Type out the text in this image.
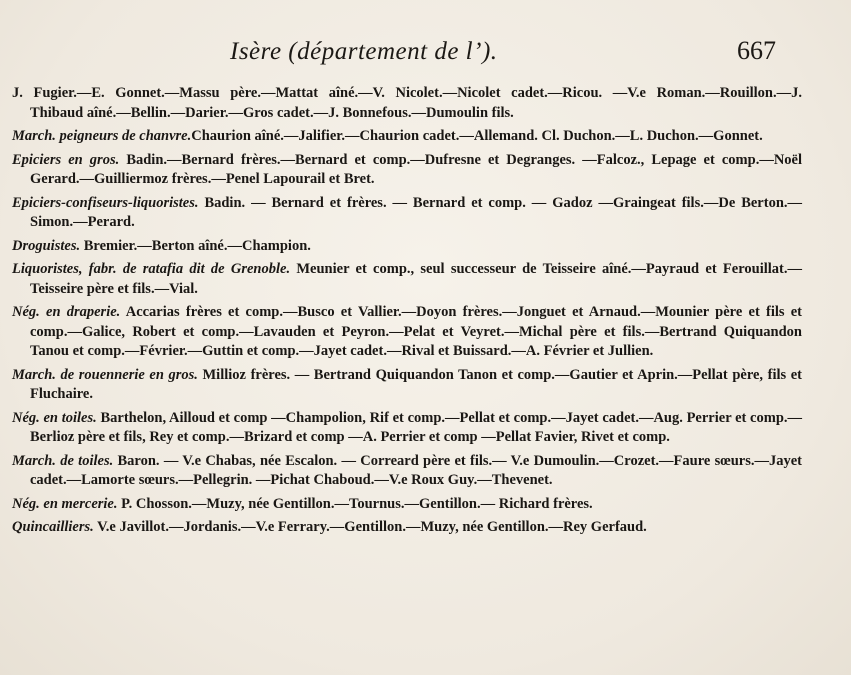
Isère (département de l’).	667

J. Fugier.—E. Gonnet.—Massu père.—Mattat aîné.—V. Nicolet.—Nicolet cadet.—Ricou. —V.e Roman.—Rouillon.—J. Thibaud aîné.—Bellin.—Darier.—Gros cadet.—J. Bonnefous.—Dumoulin fils.

March. peigneurs de chanvre.Chaurion aîné.—Jalifier.—Chaurion cadet.—Allemand. Cl. Duchon.—L. Duchon.—Gonnet.

Epiciers en gros. Badin.—Bernard frères.—Bernard et comp.—Dufresne et Degranges. —Falcoz., Lepage et comp.—Noël Gerard.—Guilliermoz frères.—Penel Lapourail et Bret.

Epiciers-confiseurs-liquoristes. Badin. — Bernard et frères. — Bernard et comp. — Gadoz —Graingeat fils.—De Berton.—Simon.—Perard.

Droguistes. Bremier.—Berton aîné.—Champion.

Liquoristes, fabr. de ratafia dit de Grenoble. Meunier et comp., seul successeur de Teisseire aîné.—Payraud et Ferouillat.—Teisseire père et fils.—Vial.

Nég. en draperie. Accarias frères et comp.—Busco et Vallier.—Doyon frères.—Jonguet et Arnaud.—Mounier père et fils et comp.—Galice, Robert et comp.—Lavauden et Peyron.—Pelat et Veyret.—Michal père et fils.—Bertrand Quiquandon Tanou et comp.—Février.—Guttin et comp.—Jayet cadet.—Rival et Buissard.—A. Février et Jullien.

March. de rouennerie en gros. Millioz frères. — Bertrand Quiquandon Tanon et comp.—Gautier et Aprin.—Pellat père, fils et Fluchaire.

Nég. en toiles. Barthelon, Ailloud et comp —Champolion, Rif et comp.—Pellat et comp.—Jayet cadet.—Aug. Perrier et comp.—Berlioz père et fils, Rey et comp.—Brizard et comp —A. Perrier et comp —Pellat Favier, Rivet et comp.

March. de toiles. Baron. — V.e Chabas, née Escalon. — Correard père et fils.— V.e Dumoulin.—Crozet.—Faure sœurs.—Jayet cadet.—Lamorte sœurs.—Pellegrin. —Pichat Chaboud.—V.e Roux Guy.—Thevenet.

Nég. en mercerie. P. Chosson.—Muzy, née Gentillon.—Tournus.—Gentillon.— Richard frères.

Quincailliers. V.e Javillot.—Jordanis.—V.e Ferrary.—Gentillon.—Muzy, née Gentillon.—Rey Gerfaud.
